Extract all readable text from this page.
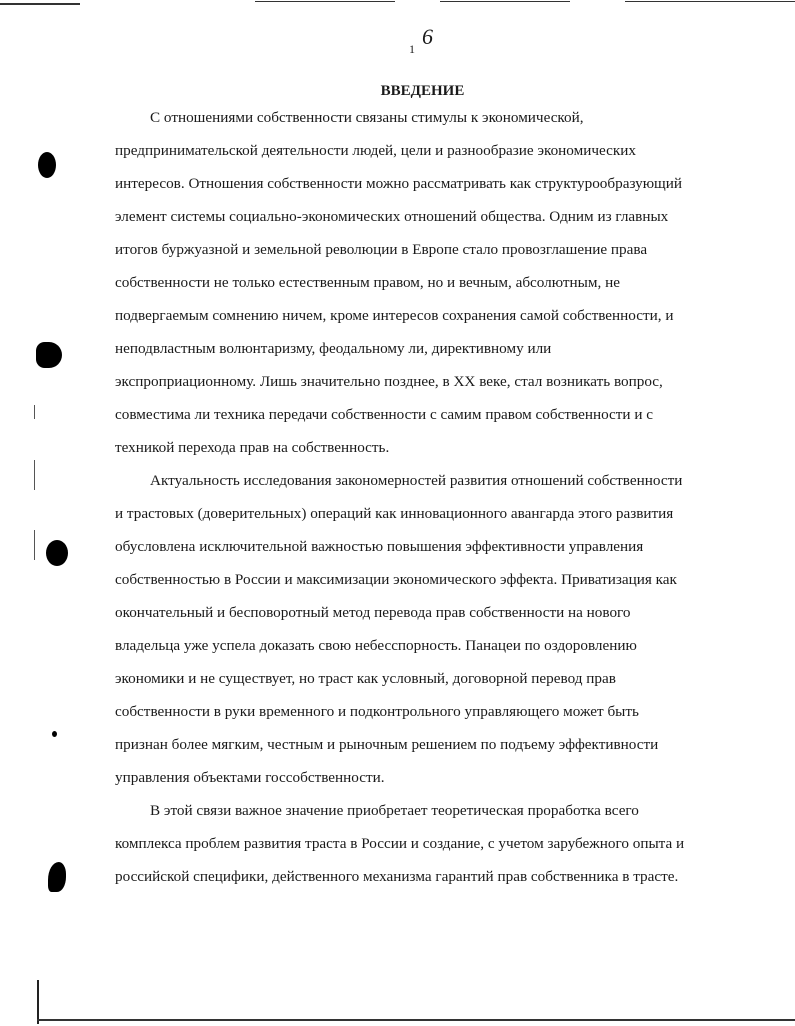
6
1
ВВЕДЕНИЕ
С отношениями собственности связаны стимулы к экономической,
предпринимательской деятельности людей, цели и разнообразие экономических
интересов. Отношения собственности можно рассматривать как структурообразующий
элемент системы социально-экономических отношений общества. Одним из главных
итогов буржуазной и земельной революции в Европе стало провозглашение права
собственности не только естественным правом, но и вечным, абсолютным, не
подвергаемым сомнению ничем, кроме интересов сохранения самой собственности, и
неподвластным волюнтаризму, феодальному ли, директивному или
экспроприационному. Лишь значительно позднее, в XX веке, стал возникать вопрос,
совместима ли техника передачи собственности с самим правом собственности и с
техникой перехода прав на собственность.
Актуальность исследования закономерностей развития отношений собственности
и трастовых (доверительных) операций как инновационного авангарда этого развития
обусловлена исключительной важностью повышения эффективности управления
собственностью в России и максимизации экономического эффекта. Приватизация как
окончательный и бесповоротный метод перевода прав собственности на нового
владельца уже успела доказать свою небесспорность. Панацеи по оздоровлению
экономики и не существует, но траст как условный, договорной перевод прав
собственности в руки временного и подконтрольного управляющего может быть
признан более мягким, честным и рыночным решением по подъему эффективности
управления объектами госсобственности.
В этой связи важное значение приобретает теоретическая проработка всего
комплекса проблем развития траста в России и создание, с учетом зарубежного опыта и
российской специфики, действенного механизма гарантий прав собственника в трасте.
